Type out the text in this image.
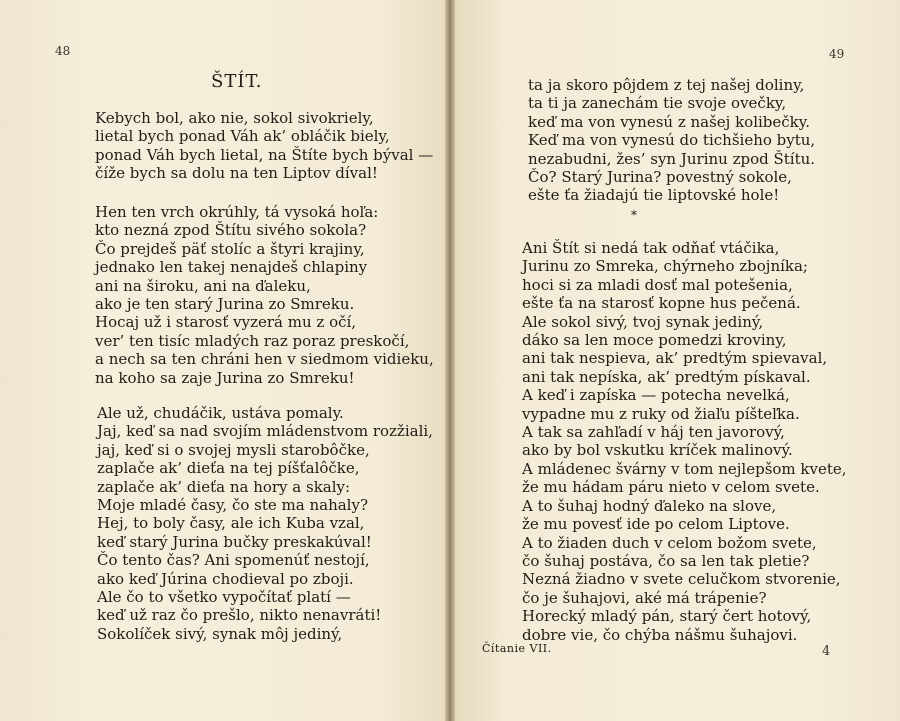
48	49
ŠTÍT.
Kebych bol, ako nie, sokol sivokriely,
lietal bych ponad Váh ak’ obláčik biely,
ponad Váh bych lietal, na Štíte bych býval —
číže bych sa dolu na ten Liptov díval!
Hen ten vrch okrúhly, tá vysoká hoľa:
kto nezná zpod Štítu sivého sokola?
Čo prejdeš päť stolíc a štyri krajiny,
jednako len takej nenajdeš chlapiny
ani na široku, ani na ďaleku,
ako je ten starý Jurina zo Smreku.
Hocaj už i starosť vyzerá mu z očí,
ver’ ten tisíc mladých raz poraz preskočí,
a nech sa ten chráni hen v siedmom vidieku,
na koho sa zaje Jurina zo Smreku!
Ale už, chudáčik, ustáva pomaly.
Jaj, keď sa nad svojím mládenstvom rozžiali,
jaj, keď si o svojej mysli starobôčke,
zaplače ak’ dieťa na tej píšťalôčke,
zaplače ak’ dieťa na hory a skaly:
Moje mladé časy, čo ste ma nahaly?
Hej, to boly časy, ale ich Kuba vzal,
keď starý Jurina bučky preskakúval!
Čo tento čas? Ani spomenúť nestojí,
ako keď Júrina chodieval po zboji.
Ale čo to všetko vypočítať platí —
keď už raz čo prešlo, nikto nenavráti!
Sokolíček sivý, synak môj jediný,
ta ja skoro pôjdem z tej našej doliny,
ta ti ja zanechám tie svoje ovečky,
keď ma von vynesú z našej kolibečky.
Keď ma von vynesú do tichšieho bytu,
nezabudni, žes’ syn Jurinu zpod Štítu.
Čo? Starý Jurina? povestný sokole,
ešte ťa žiadajú tie liptovské hole!
*
Ani Štít si nedá tak odňať vtáčika,
Jurinu zo Smreka, chýrneho zbojníka;
hoci si za mladi dosť mal potešenia,
ešte ťa na starosť kopne hus pečená.
Ale sokol sivý, tvoj synak jediný,
dáko sa len moce pomedzi kroviny,
ani tak nespieva, ak’ predtým spievaval,
ani tak nepíska, ak’ predtým pískaval.
A keď i zapíska — potecha nevelká,
vypadne mu z ruky od žiaľu píšteľka.
A tak sa zahľadí v háj ten javorový,
ako by bol vskutku kríček malinový.
A mládenec švárny v tom nejlepšom kvete,
že mu hádam páru nieto v celom svete.
A to šuhaj hodný ďaleko na slove,
že mu povesť ide po celom Liptove.
A to žiaden duch v celom božom svete,
čo šuhaj postáva, čo sa len tak pletie?
Nezná žiadno v svete celučkom stvorenie,
čo je šuhajovi, aké má trápenie?
Horecký mladý pán, starý čert hotový,
dobre vie, čo chýba nášmu šuhajovi.
Čítanie VII.	4
